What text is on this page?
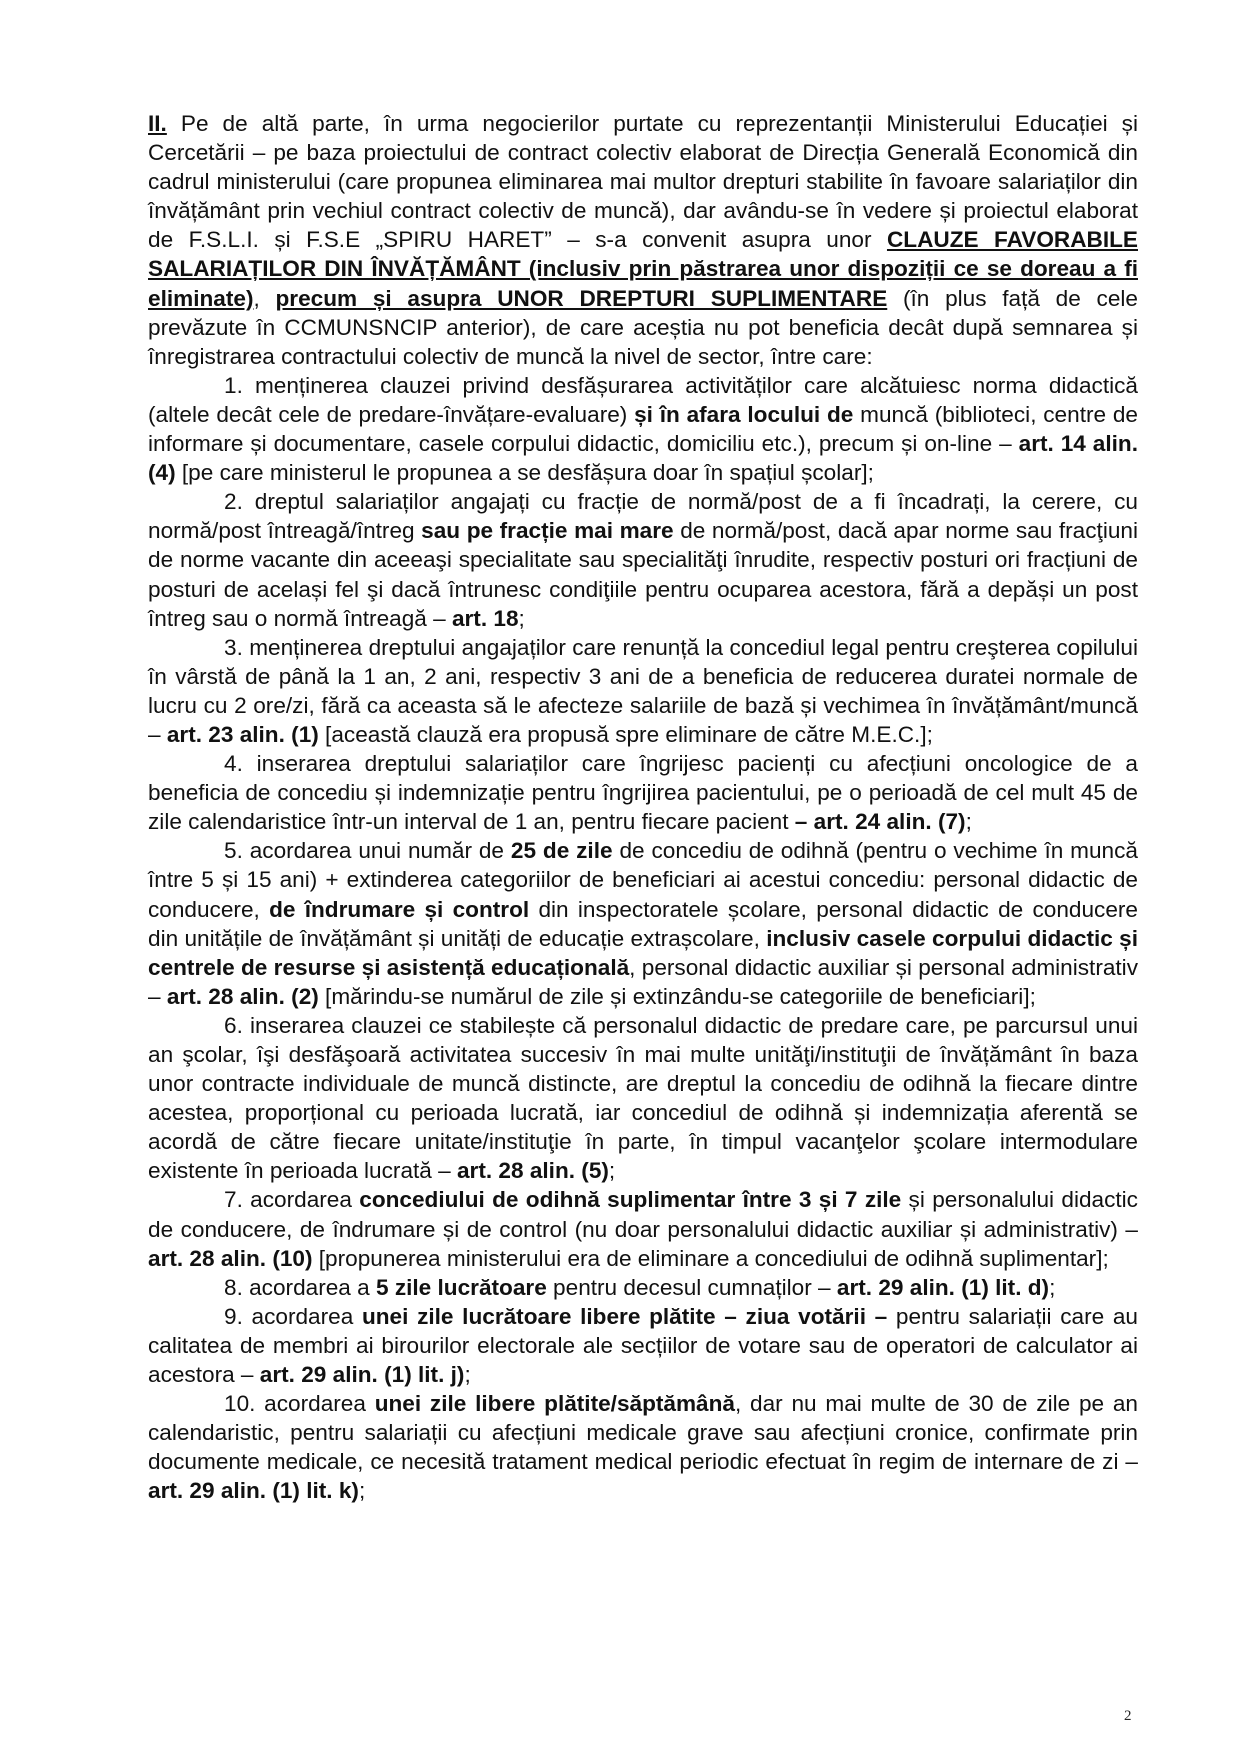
II. Pe de altă parte, în urma negocierilor purtate cu reprezentanții Ministerului Educației și Cercetării – pe baza proiectului de contract colectiv elaborat de Direcția Generală Economică din cadrul ministerului (care propunea eliminarea mai multor drepturi stabilite în favoare salariaților din învățământ prin vechiul contract colectiv de muncă), dar avându-se în vedere și proiectul elaborat de F.S.L.I. și F.S.E „SPIRU HARET” – s-a convenit asupra unor CLAUZE FAVORABILE SALARIAȚILOR DIN ÎNVĂȚĂMÂNT (inclusiv prin păstrarea unor dispoziții ce se doreau a fi eliminate), precum și asupra UNOR DREPTURI SUPLIMENTARE (în plus față de cele prevăzute în CCMUNSNCIP anterior), de care aceștia nu pot beneficia decât după semnarea și înregistrarea contractului colectiv de muncă la nivel de sector, între care:

1. menținerea clauzei privind desfășurarea activităților care alcătuiesc norma didactică (altele decât cele de predare-învățare-evaluare) și în afara locului de muncă (biblioteci, centre de informare și documentare, casele corpului didactic, domiciliu etc.), precum și on-line – art. 14 alin. (4) [pe care ministerul le propunea a se desfășura doar în spațiul școlar];

2. dreptul salariaților angajați cu fracție de normă/post de a fi încadrați, la cerere, cu normă/post întreagă/întreg sau pe fracție mai mare de normă/post, dacă apar norme sau fracţiuni de norme vacante din aceeaşi specialitate sau specialităţi înrudite, respectiv posturi ori fracțiuni de posturi de același fel şi dacă întrunesc condiţiile pentru ocuparea acestora, fără a depăși un post întreg sau o normă întreagă – art. 18;

3. menținerea dreptului angajaților care renunță la concediul legal pentru creşterea copilului în vârstă de până la 1 an, 2 ani, respectiv 3 ani de a beneficia de reducerea duratei normale de lucru cu 2 ore/zi, fără ca aceasta să le afecteze salariile de bază și vechimea în învățământ/muncă – art. 23 alin. (1) [această clauză era propusă spre eliminare de către M.E.C.];

4. inserarea dreptului salariaților care îngrijesc pacienți cu afecțiuni oncologice de a beneficia de concediu și indemnizație pentru îngrijirea pacientului, pe o perioadă de cel mult 45 de zile calendaristice într-un interval de 1 an, pentru fiecare pacient – art. 24 alin. (7);

5. acordarea unui număr de 25 de zile de concediu de odihnă (pentru o vechime în muncă între 5 și 15 ani) + extinderea categoriilor de beneficiari ai acestui concediu: personal didactic de conducere, de îndrumare și control din inspectoratele școlare, personal didactic de conducere din unitățile de învățământ și unități de educație extrașcolare, inclusiv casele corpului didactic și centrele de resurse și asistență educațională, personal didactic auxiliar și personal administrativ – art. 28 alin. (2) [mărindu-se numărul de zile și extinzându-se categoriile de beneficiari];

6. inserarea clauzei ce stabilește că personalul didactic de predare care, pe parcursul unui an şcolar, îşi desfăşoară activitatea succesiv în mai multe unităţi/instituţii de învățământ în baza unor contracte individuale de muncă distincte, are dreptul la concediu de odihnă la fiecare dintre acestea, proporțional cu perioada lucrată, iar concediul de odihnă și indemnizația aferentă se acordă de către fiecare unitate/instituţie în parte, în timpul vacanţelor şcolare intermodulare existente în perioada lucrată – art. 28 alin. (5);

7. acordarea concediului de odihnă suplimentar între 3 și 7 zile și personalului didactic de conducere, de îndrumare și de control (nu doar personalului didactic auxiliar și administrativ) – art. 28 alin. (10) [propunerea ministerului era de eliminare a concediului de odihnă suplimentar];

8. acordarea a 5 zile lucrătoare pentru decesul cumnaților – art. 29 alin. (1) lit. d);

9. acordarea unei zile lucrătoare libere plătite – ziua votării – pentru salariații care au calitatea de membri ai birourilor electorale ale secțiilor de votare sau de operatori de calculator ai acestora – art. 29 alin. (1) lit. j);

10. acordarea unei zile libere plătite/săptămână, dar nu mai multe de 30 de zile pe an calendaristic, pentru salariații cu afecțiuni medicale grave sau afecțiuni cronice, confirmate prin documente medicale, ce necesită tratament medical periodic efectuat în regim de internare de zi – art. 29 alin. (1) lit. k);

2
